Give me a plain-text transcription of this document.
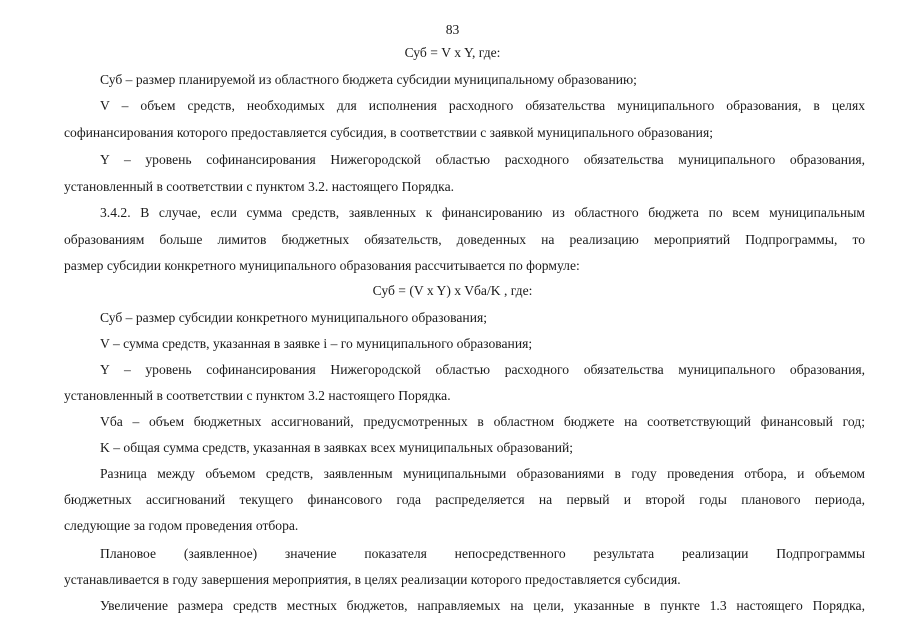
83
Суб = V x Y, где:
Суб – размер планируемой из областного бюджета субсидии муниципальному образованию;
V – объем средств, необходимых для исполнения расходного обязательства муниципального образования, в целях
софинансирования которого предоставляется субсидия, в соответствии с заявкой муниципального образования;
Y – уровень софинансирования Нижегородской областью расходного обязательства муниципального образования,
установленный в соответствии с пунктом 3.2. настоящего Порядка.
3.4.2. В случае, если сумма средств, заявленных к финансированию из областного бюджета по всем муниципальным
образованиям больше лимитов бюджетных обязательств, доведенных на реализацию мероприятий Подпрограммы, то
размер субсидии конкретного муниципального образования рассчитывается по формуле:
Суб = (V x Y) x Vба/K , где:
Суб – размер субсидии конкретного муниципального образования;
V – сумма средств, указанная в заявке i – го муниципального образования;
Y – уровень софинансирования Нижегородской областью расходного обязательства муниципального образования,
установленный в соответствии с пунктом 3.2 настоящего Порядка.
Vба – объем бюджетных ассигнований, предусмотренных в областном бюджете на соответствующий финансовый год;
K – общая сумма средств, указанная в заявках всех муниципальных образований;
Разница между объемом средств, заявленным муниципальными образованиями в году проведения отбора, и объемом
бюджетных ассигнований текущего финансового года распределяется на первый и второй годы планового периода,
следующие за годом проведения отбора.
Плановое (заявленное) значение показателя непосредственного результата реализации Подпрограммы
устанавливается в году завершения мероприятия, в целях реализации которого предоставляется субсидия.
Увеличение размера средств местных бюджетов, направляемых на цели, указанные в пункте 1.3 настоящего Порядка,
